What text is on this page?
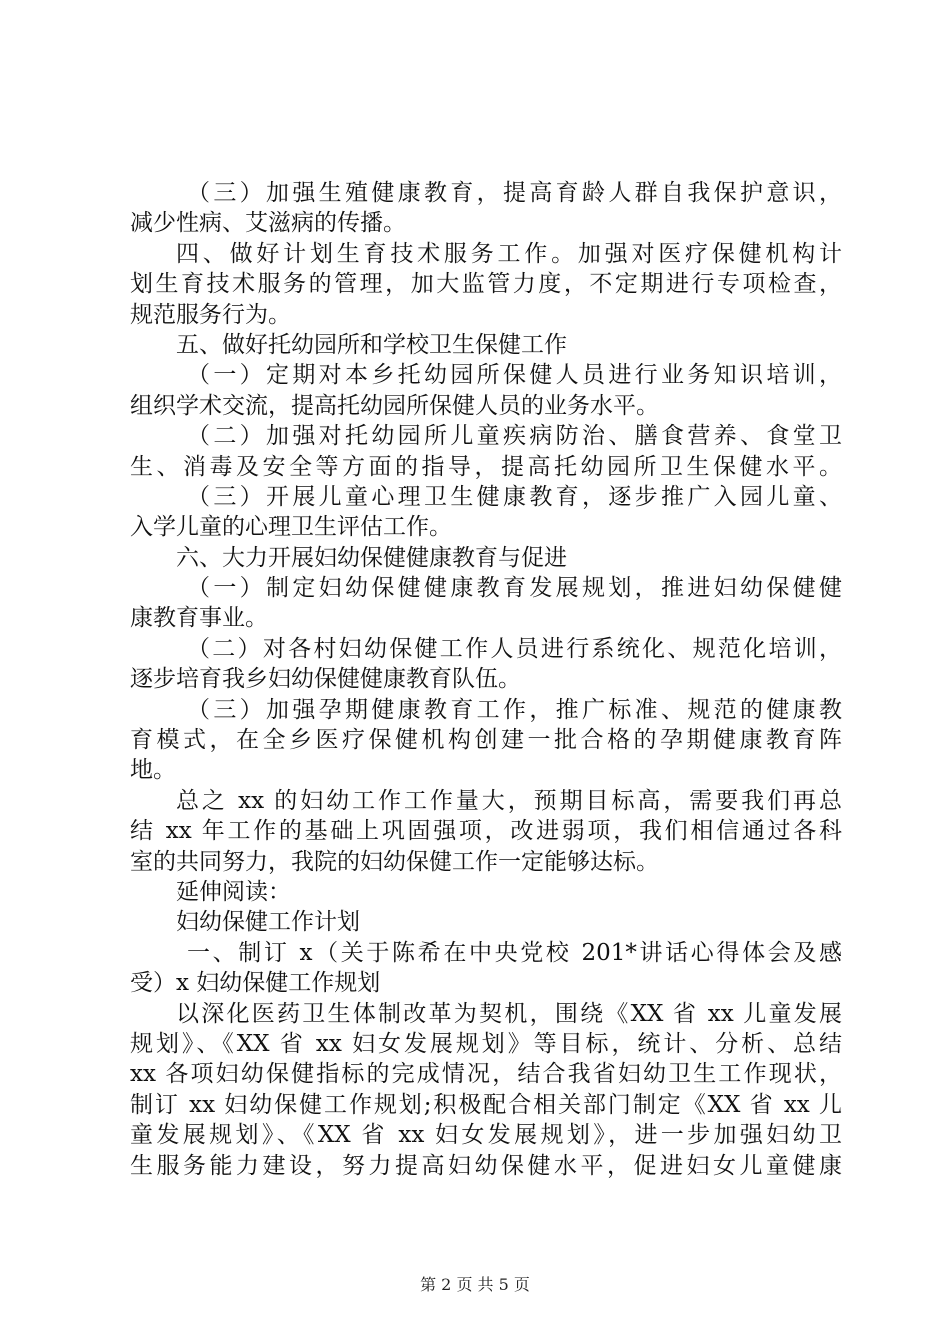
（三）加强生殖健康教育，提高育龄人群自我保护意识，
减少性病、艾滋病的传播。
四、做好计划生育技术服务工作。加强对医疗保健机构计
划生育技术服务的管理，加大监管力度，不定期进行专项检查，
规范服务行为。
五、做好托幼园所和学校卫生保健工作
（一）定期对本乡托幼园所保健人员进行业务知识培训，
组织学术交流，提高托幼园所保健人员的业务水平。
（二）加强对托幼园所儿童疾病防治、膳食营养、食堂卫
生、消毒及安全等方面的指导，提高托幼园所卫生保健水平。
（三）开展儿童心理卫生健康教育，逐步推广入园儿童、
入学儿童的心理卫生评估工作。
六、大力开展妇幼保健健康教育与促进
（一）制定妇幼保健健康教育发展规划，推进妇幼保健健
康教育事业。
（二）对各村妇幼保健工作人员进行系统化、规范化培训，
逐步培育我乡妇幼保健健康教育队伍。
（三）加强孕期健康教育工作，推广标准、规范的健康教
育模式，在全乡医疗保健机构创建一批合格的孕期健康教育阵
地。
总之 xx 的妇幼工作工作量大，预期目标高，需要我们再总
结 xx 年工作的基础上巩固强项，改进弱项，我们相信通过各科
室的共同努力，我院的妇幼保健工作一定能够达标。
延伸阅读：
妇幼保健工作计划
一、制订 x（关于陈希在中央党校 201*讲话心得体会及感
受）x 妇幼保健工作规划
以深化医药卫生体制改革为契机，围绕《XX 省 xx 儿童发展
规划》、《XX 省 xx 妇女发展规划》等目标，统计、分析、总结
xx 各项妇幼保健指标的完成情况，结合我省妇幼卫生工作现状，
制订 xx 妇幼保健工作规划;积极配合相关部门制定《XX 省 xx 儿
童发展规划》、《XX 省 xx 妇女发展规划》，进一步加强妇幼卫
生服务能力建设，努力提高妇幼保健水平，促进妇女儿童健康
第 2 页 共 5 页
